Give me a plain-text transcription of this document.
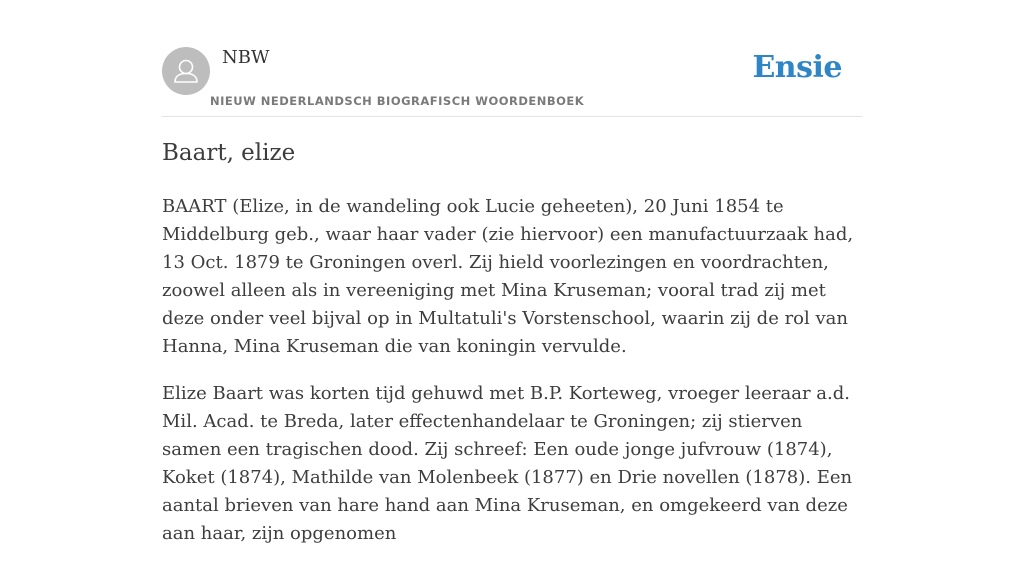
NBW
NIEUW NEDERLANDSCH BIOGRAFISCH WOORDENBOEK
Ensie
Baart, elize

BAART (Elize, in de wandeling ook Lucie geheeten), 20 Juni 1854 te Middelburg geb., waar haar vader (zie hiervoor) een manufactuurzaak had, 13 Oct. 1879 te Groningen overl. Zij hield voorlezingen en voordrachten, zoowel alleen als in vereeniging met Mina Kruseman; vooral trad zij met deze onder veel bijval op in Multatuli's Vorstenschool, waarin zij de rol van Hanna, Mina Kruseman die van koningin vervulde.

Elize Baart was korten tijd gehuwd met B.P. Korteweg, vroeger leeraar a.d. Mil. Acad. te Breda, later effectenhandelaar te Groningen; zij stierven samen een tragischen dood. Zij schreef: Een oude jonge jufvrouw (1874), Koket (1874), Mathilde van Molenbeek (1877) en Drie novellen (1878). Een aantal brieven van hare hand aan Mina Kruseman, en omgekeerd van deze aan haar, zijn opgenomen
